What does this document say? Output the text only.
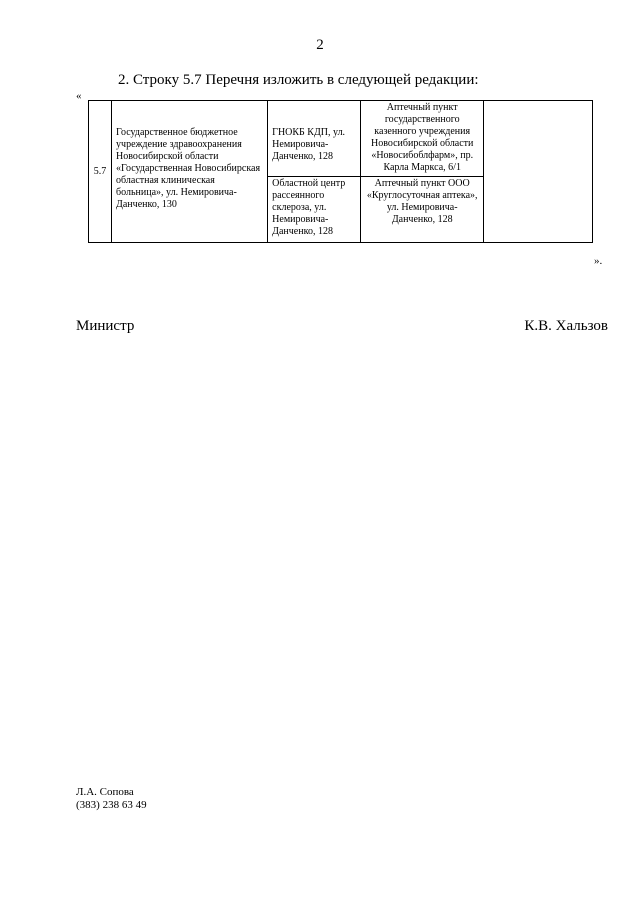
2
2. Строку 5.7 Перечня изложить в следующей редакции:
«
5.7	Государственное бюджетное учреждение здравоохранения Новосибирской области «Государственная Новосибирская областная клиническая больница», ул. Немировича-Данченко, 130	ГНОКБ КДП, ул. Немировича-Данченко, 128	Аптечный пункт государственного казенного учреждения Новосибирской области «Новосибоблфарм», пр. Карла Маркса, 6/1	
		Областной центр рассеянного склероза, ул. Немировича-Данченко, 128	Аптечный пункт ООО «Круглосуточная аптека», ул. Немировича-Данченко, 128	
».
Министр	К.В. Хальзов
Л.А. Сопова
(383) 238 63 49
